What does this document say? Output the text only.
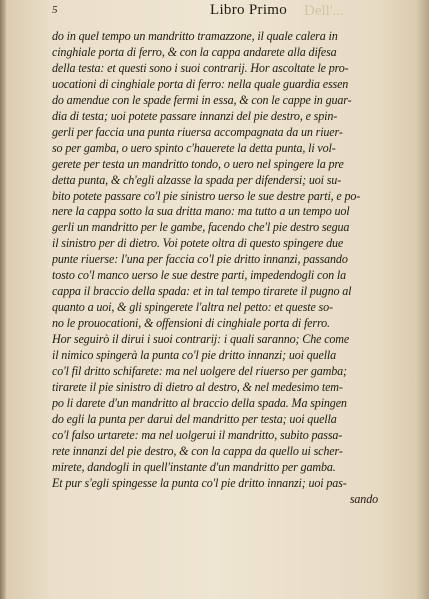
5	Libro Primo Dell'...
do in quel tempo un mandritto tramazzone, il quale calera in
cinghiale porta di ferro, & con la cappa andarete alla difesa
della testa: et questi sono i suoi contrarij. Hor ascoltate le pro-
uocationi di cinghiale porta di ferro: nella quale guardia essen
do amendue con le spade fermi in essa, & con le cappe in guar-
dia di testa; uoi potete passare innanzi del pie destro, e spin-
gerli per faccia una punta riuersa accompagnata da un riuer-
so per gamba, o uero spinto c'hauerete la detta punta, li vol-
gerete per testa un mandritto tondo, o uero nel spingere la pre
detta punta, & ch'egli alzasse la spada per difendersi; uoi su-
bito potete passare co'l pie sinistro uerso le sue destre parti, e po-
nere la cappa sotto la sua dritta mano: ma tutto a un tempo uol
gerli un mandritto per le gambe, facendo che'l pie destro segua
il sinistro per di dietro. Voi potete oltra di questo spingere due
punte riuerse: l'una per faccia co'l pie dritto innanzi, passando
tosto co'l manco uerso le sue destre parti, impedendogli con la
cappa il braccio della spada: et in tal tempo tirarete il pugno al
quanto a uoi, & gli spingerete l'altra nel petto: et queste so-
no le prouocationi, & offensioni di cinghiale porta di ferro.
Hor seguirò il dirui i suoi contrarij: i quali saranno; Che come
il nimico spingerà la punta co'l pie dritto innanzi; uoi quella
co'l fil dritto schifarete: ma nel uolgere del riuerso per gamba;
tirarete il pie sinistro di dietro al destro, & nel medesimo tem-
po li darete d'un mandritto al braccio della spada. Ma spingen
do egli la punta per darui del mandritto per testa; uoi quella
co'l falso urtarete: ma nel uolgerui il mandritto, subito passa-
rete innanzi del pie destro, & con la cappa da quello ui scher-
mirete, dandogli in quell'instante d'un mandritto per gamba.
Et pur s'egli spingesse la punta co'l pie dritto innanzi; uoi pas-
sando
